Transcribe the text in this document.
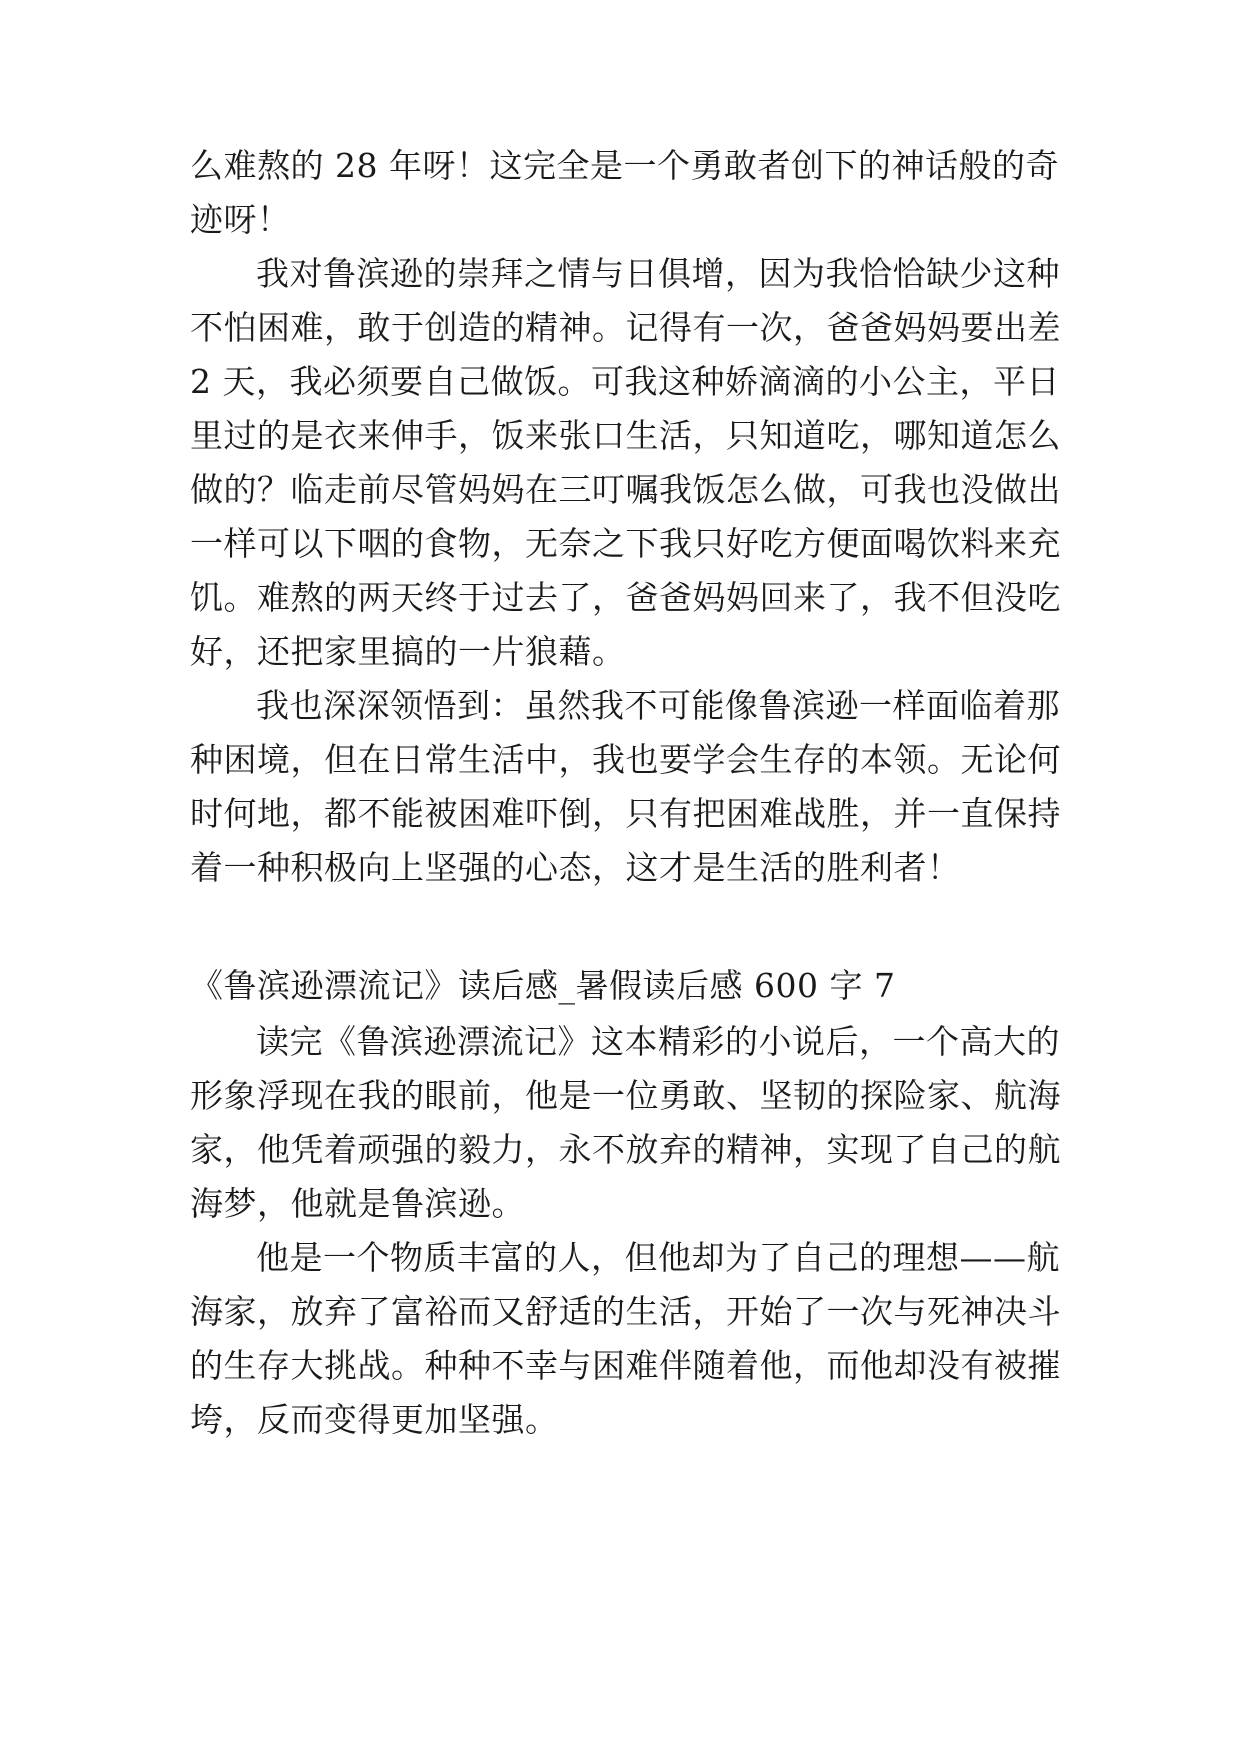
么难熬的 28 年呀！这完全是一个勇敢者创下的神话般的奇
迹呀！
我对鲁滨逊的崇拜之情与日俱增，因为我恰恰缺少这种
不怕困难，敢于创造的精神。记得有一次，爸爸妈妈要出差
2 天，我必须要自己做饭。可我这种娇滴滴的小公主，平日
里过的是衣来伸手，饭来张口生活，只知道吃，哪知道怎么
做的？临走前尽管妈妈在三叮嘱我饭怎么做，可我也没做出
一样可以下咽的食物，无奈之下我只好吃方便面喝饮料来充
饥。难熬的两天终于过去了，爸爸妈妈回来了，我不但没吃
好，还把家里搞的一片狼藉。
我也深深领悟到：虽然我不可能像鲁滨逊一样面临着那
种困境，但在日常生活中，我也要学会生存的本领。无论何
时何地，都不能被困难吓倒，只有把困难战胜，并一直保持
着一种积极向上坚强的心态，这才是生活的胜利者！
《鲁滨逊漂流记》读后感_暑假读后感 600 字 7
读完《鲁滨逊漂流记》这本精彩的小说后，一个高大的
形象浮现在我的眼前，他是一位勇敢、坚韧的探险家、航海
家，他凭着顽强的毅力，永不放弃的精神，实现了自己的航
海梦，他就是鲁滨逊。
他是一个物质丰富的人，但他却为了自己的理想——航
海家，放弃了富裕而又舒适的生活，开始了一次与死神决斗
的生存大挑战。种种不幸与困难伴随着他，而他却没有被摧
垮，反而变得更加坚强。
